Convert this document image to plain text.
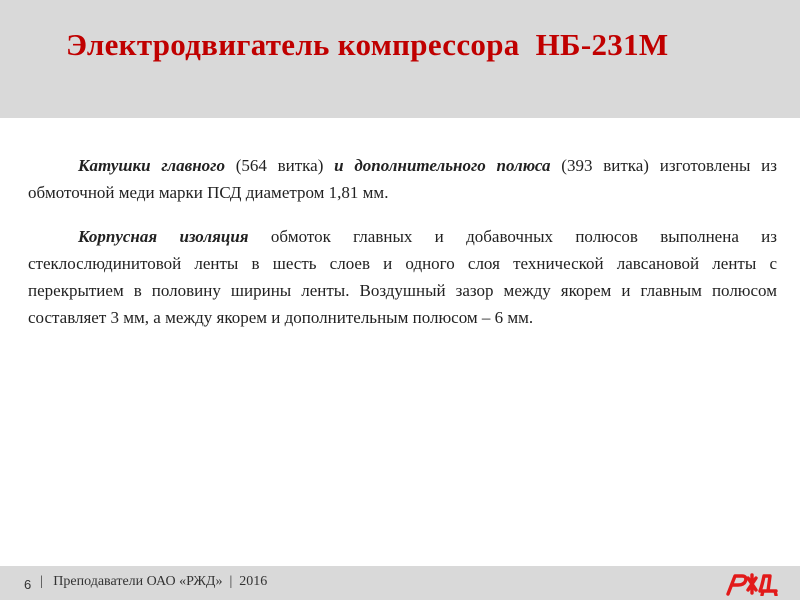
Электродвигатель компрессора  НБ-231М

Катушки главного (564 витка) и дополнительного полюса (393 витка) изготовлены из обмоточной меди марки ПСД диаметром 1,81 мм.

Корпусная изоляция обмоток главных и добавочных полюсов выполнена из стеклослюдинитовой ленты в шесть слоев и одного слоя технической лавсановой ленты с перекрытием в половину ширины ленты. Воздушный зазор между якорем и главным полюсом составляет 3 мм, а между якорем и дополнительным полюсом – 6 мм.

6 |   Преподаватели ОАО «РЖД»  |  2016
